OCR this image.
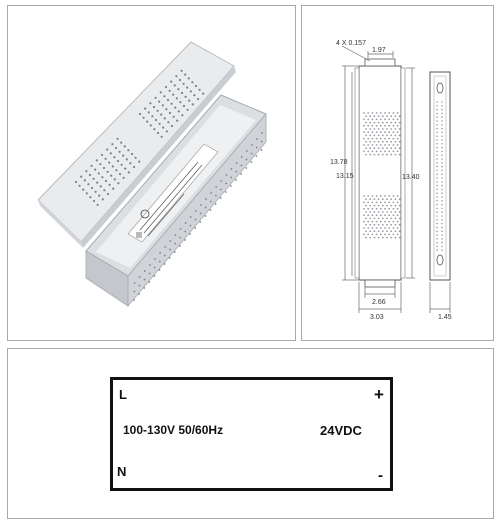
4 X 0.157
1.97
13.78
13.15	13.40
2.66
3.03	1.45
L
N
+
-
100-130V 50/60Hz	24VDC
